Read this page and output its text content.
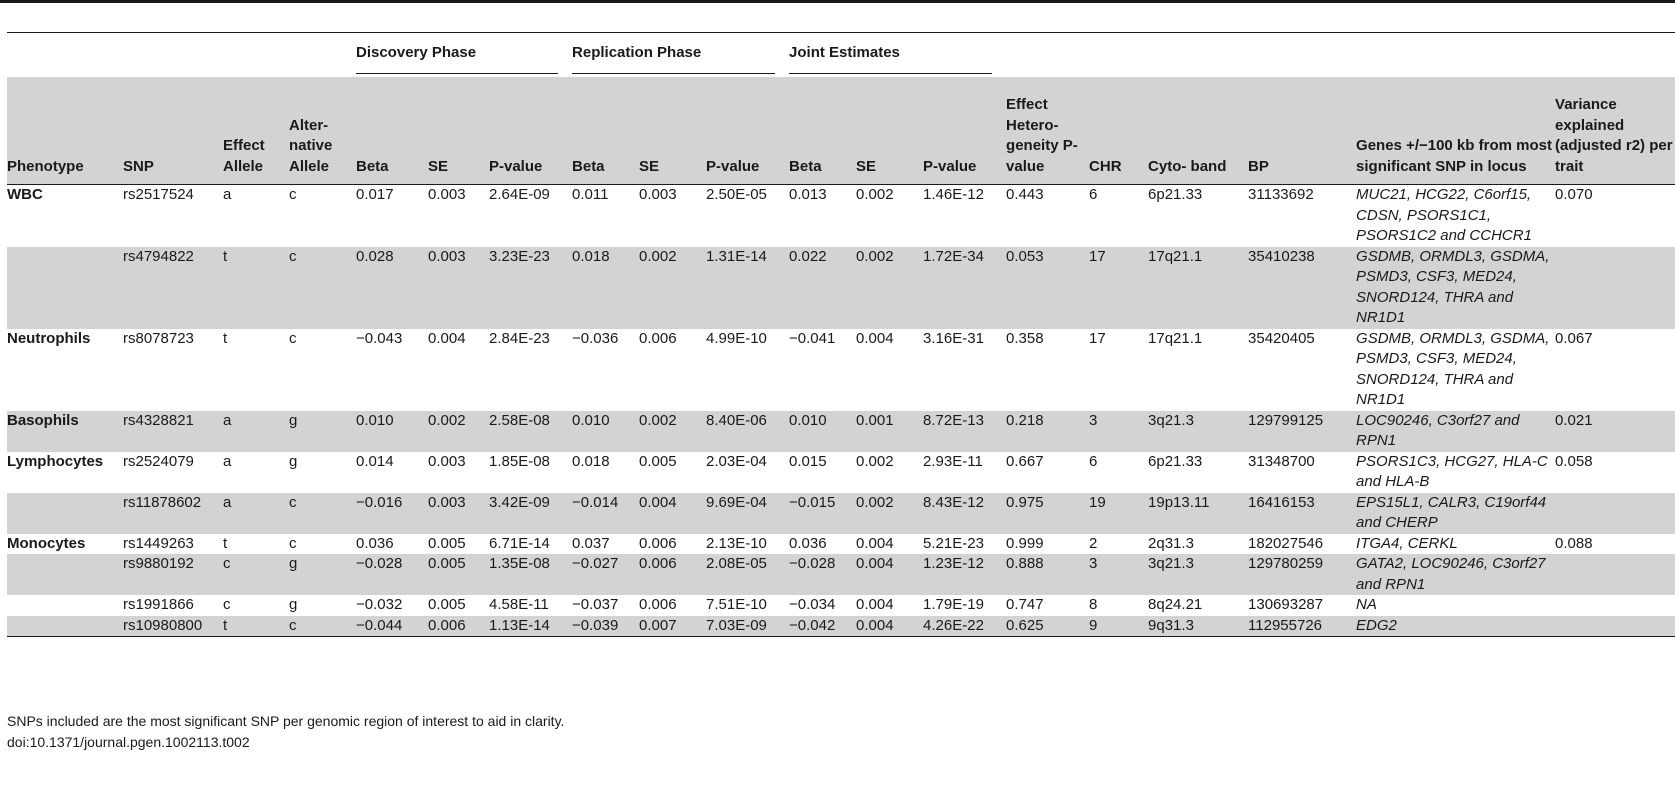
				Discovery Phase			Replication Phase			Joint Estimates								

Phenotype	SNP	Effect Allele	Alter- native Allele	Beta	SE	P-value	Beta	SE	P-value	Beta	SE	P-value	Effect Hetero- geneity P-value	CHR	Cyto- band	BP	Genes +/−100 kb from most significant SNP in locus	Variance explained (adjusted r2) per trait
WBC	rs2517524	a	c	0.017	0.003	2.64E-09	0.011	0.003	2.50E-05	0.013	0.002	1.46E-12	0.443	6	6p21.33	31133692	MUC21, HCG22, C6orf15, CDSN, PSORS1C1, PSORS1C2 and CCHCR1	0.070
	rs4794822	t	c	0.028	0.003	3.23E-23	0.018	0.002	1.31E-14	0.022	0.002	1.72E-34	0.053	17	17q21.1	35410238	GSDMB, ORMDL3, GSDMA, PSMD3, CSF3, MED24, SNORD124, THRA and NR1D1	
Neutrophils	rs8078723	t	c	−0.043	0.004	2.84E-23	−0.036	0.006	4.99E-10	−0.041	0.004	3.16E-31	0.358	17	17q21.1	35420405	GSDMB, ORMDL3, GSDMA, PSMD3, CSF3, MED24, SNORD124, THRA and NR1D1	0.067
Basophils	rs4328821	a	g	0.010	0.002	2.58E-08	0.010	0.002	8.40E-06	0.010	0.001	8.72E-13	0.218	3	3q21.3	129799125	LOC90246, C3orf27 and RPN1	0.021
Lymphocytes	rs2524079	a	g	0.014	0.003	1.85E-08	0.018	0.005	2.03E-04	0.015	0.002	2.93E-11	0.667	6	6p21.33	31348700	PSORS1C3, HCG27, HLA-C and HLA-B	0.058
	rs11878602	a	c	−0.016	0.003	3.42E-09	−0.014	0.004	9.69E-04	−0.015	0.002	8.43E-12	0.975	19	19p13.11	16416153	EPS15L1, CALR3, C19orf44 and CHERP	
Monocytes	rs1449263	t	c	0.036	0.005	6.71E-14	0.037	0.006	2.13E-10	0.036	0.004	5.21E-23	0.999	2	2q31.3	182027546	ITGA4, CERKL	0.088
	rs9880192	c	g	−0.028	0.005	1.35E-08	−0.027	0.006	2.08E-05	−0.028	0.004	1.23E-12	0.888	3	3q21.3	129780259	GATA2, LOC90246, C3orf27 and RPN1	
	rs1991866	c	g	−0.032	0.005	4.58E-11	−0.037	0.006	7.51E-10	−0.034	0.004	1.79E-19	0.747	8	8q24.21	130693287	NA	
	rs10980800	t	c	−0.044	0.006	1.13E-14	−0.039	0.007	7.03E-09	−0.042	0.004	4.26E-22	0.625	9	9q31.3	112955726	EDG2	
SNPs included are the most significant SNP per genomic region of interest to aid in clarity.
doi:10.1371/journal.pgen.1002113.t002
